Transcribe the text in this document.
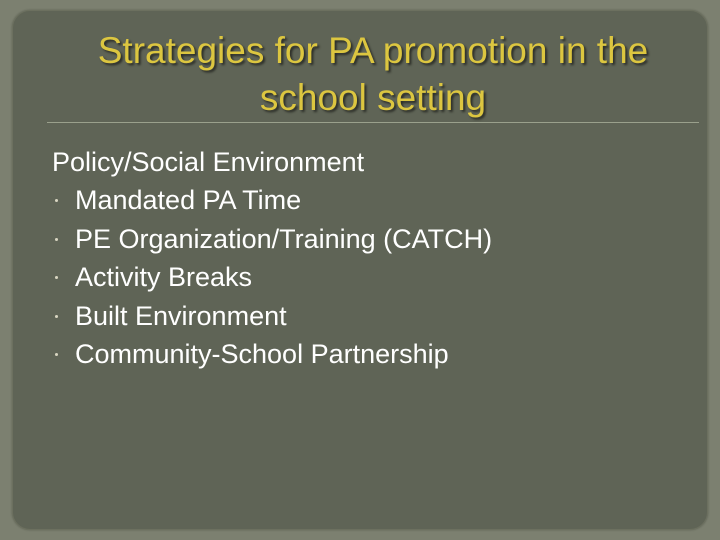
Strategies for PA promotion in the
school setting
Policy/Social Environment
Mandated PA Time
PE Organization/Training (CATCH)
Activity Breaks
Built Environment
Community-School Partnership
